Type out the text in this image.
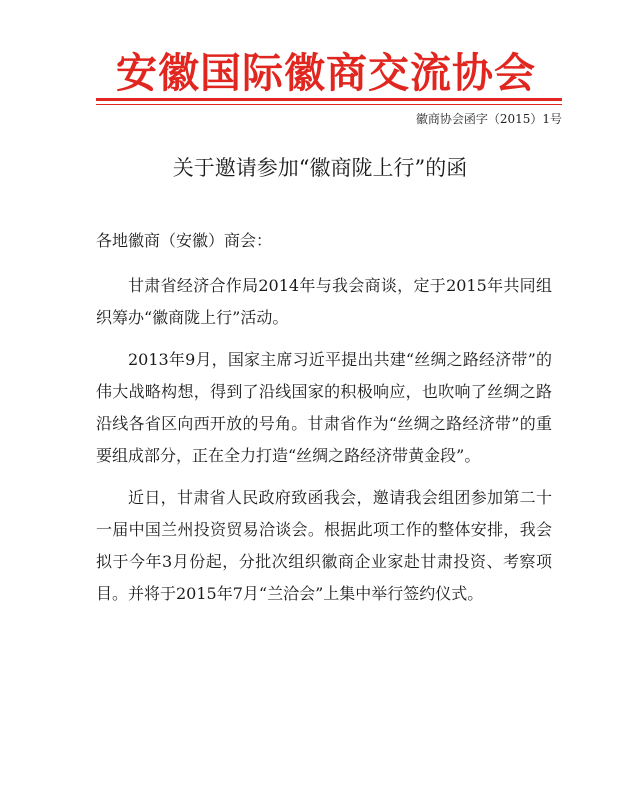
安徽国际徽商交流协会
徽商协会函字（2015）1号
关于邀请参加“徽商陇上行”的函
各地徽商（安徽）商会：

甘肃省经济合作局2014年与我会商谈，定于2015年共同组织筹办“徽商陇上行”活动。

2013年9月，国家主席习近平提出共建“丝绸之路经济带”的伟大战略构想，得到了沿线国家的积极响应，也吹响了丝绸之路沿线各省区向西开放的号角。甘肃省作为“丝绸之路经济带”的重要组成部分，正在全力打造“丝绸之路经济带黄金段”。

近日，甘肃省人民政府致函我会，邀请我会组团参加第二十一届中国兰州投资贸易洽谈会。根据此项工作的整体安排，我会拟于今年3月份起，分批次组织徽商企业家赴甘肃投资、考察项目。并将于2015年7月“兰洽会”上集中举行签约仪式。
